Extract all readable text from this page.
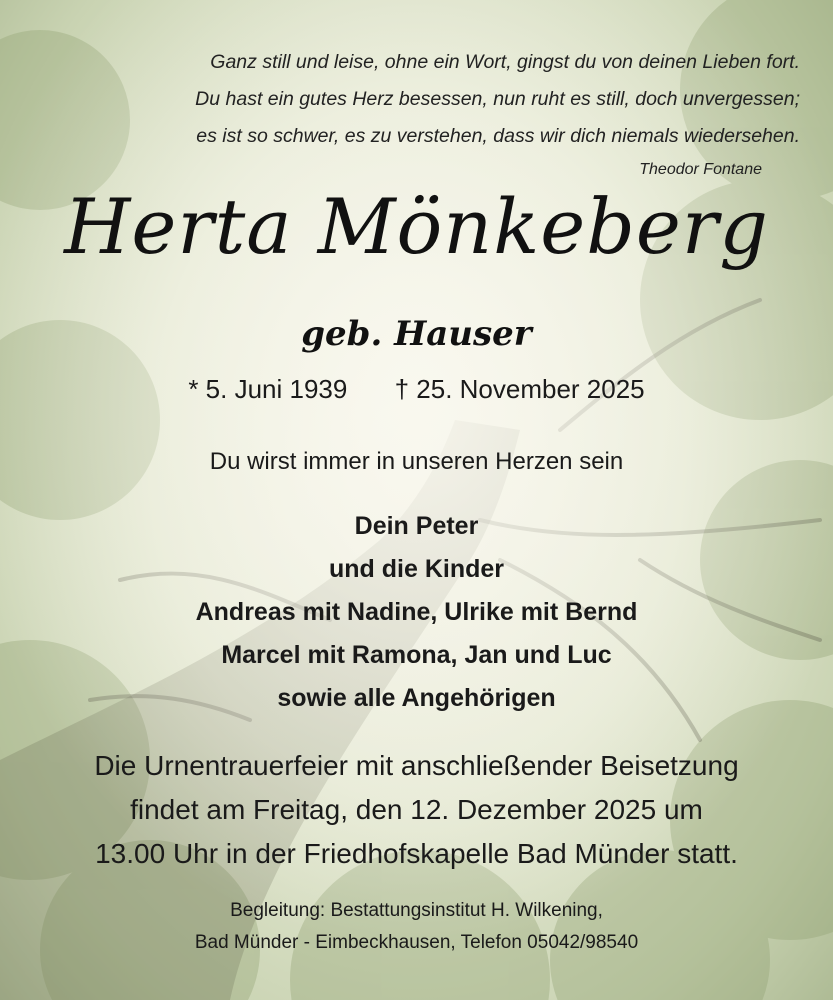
Ganz still und leise, ohne ein Wort, gingst du von deinen Lieben fort.
Du hast ein gutes Herz besessen, nun ruht es still, doch unvergessen;
es ist so schwer, es zu verstehen, dass wir dich niemals wiedersehen.
Theodor Fontane
Herta Mönkeberg
geb. Hauser
* 5. Juni 1939 † 25. November 2025
Du wirst immer in unseren Herzen sein
Dein Peter
und die Kinder
Andreas mit Nadine, Ulrike mit Bernd
Marcel mit Ramona, Jan und Luc
sowie alle Angehörigen
Die Urnentrauerfeier mit anschließender Beisetzung
findet am Freitag, den 12. Dezember 2025 um
13.00 Uhr in der Friedhofskapelle Bad Münder statt.
Begleitung: Bestattungsinstitut H. Wilkening,
Bad Münder - Eimbeckhausen, Telefon 05042/98540
